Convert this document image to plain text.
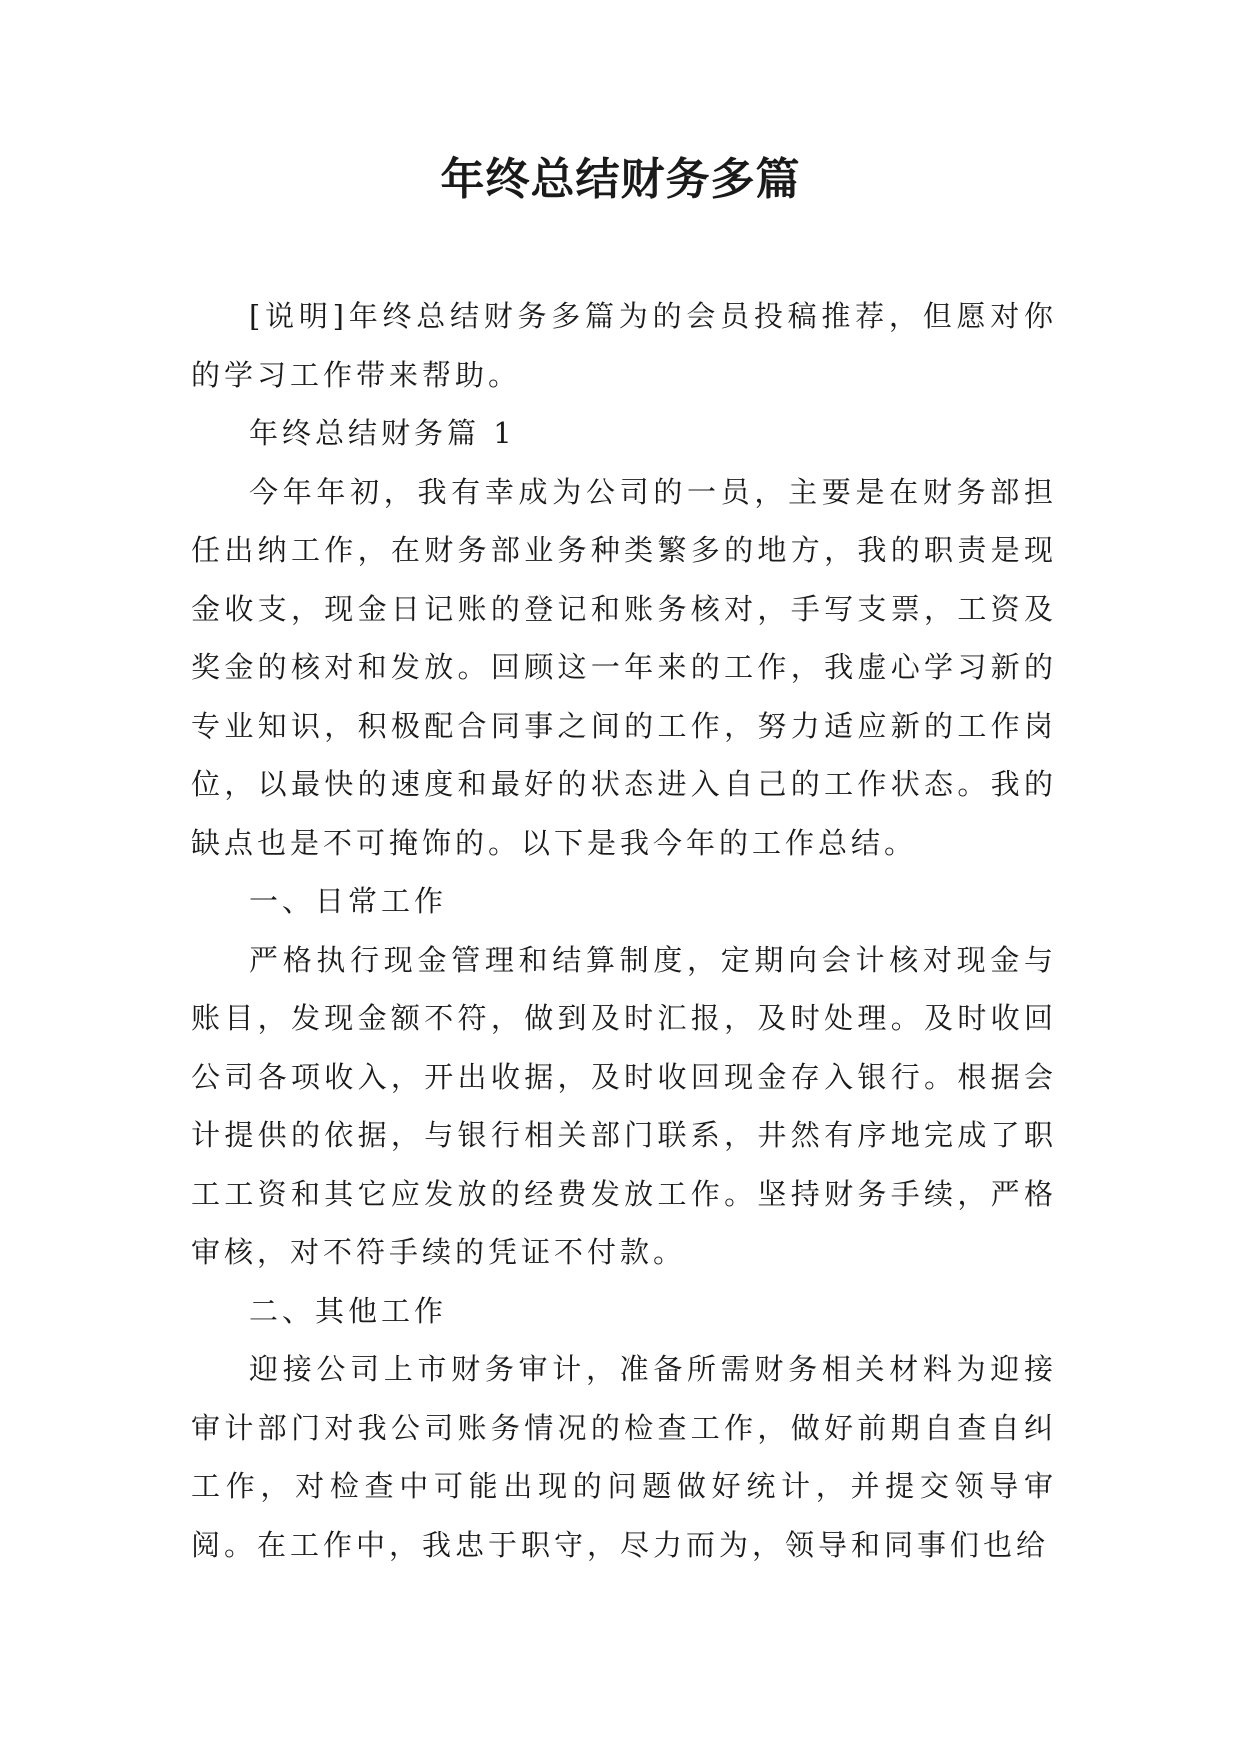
年终总结财务多篇

[说明]年终总结财务多篇为的会员投稿推荐，但愿对你的学习工作带来帮助。

年终总结财务篇 1

今年年初，我有幸成为公司的一员，主要是在财务部担任出纳工作，在财务部业务种类繁多的地方，我的职责是现金收支，现金日记账的登记和账务核对，手写支票，工资及奖金的核对和发放。回顾这一年来的工作，我虚心学习新的专业知识，积极配合同事之间的工作，努力适应新的工作岗位，以最快的速度和最好的状态进入自己的工作状态。我的缺点也是不可掩饰的。以下是我今年的工作总结。

一、日常工作

严格执行现金管理和结算制度，定期向会计核对现金与账目，发现金额不符，做到及时汇报，及时处理。及时收回公司各项收入，开出收据，及时收回现金存入银行。根据会计提供的依据，与银行相关部门联系，井然有序地完成了职工工资和其它应发放的经费发放工作。坚持财务手续，严格审核，对不符手续的凭证不付款。

二、其他工作

迎接公司上市财务审计，准备所需财务相关材料为迎接审计部门对我公司账务情况的检查工作，做好前期自查自纠工作，对检查中可能出现的问题做好统计，并提交领导审阅。在工作中，我忠于职守，尽力而为，领导和同事们也给
